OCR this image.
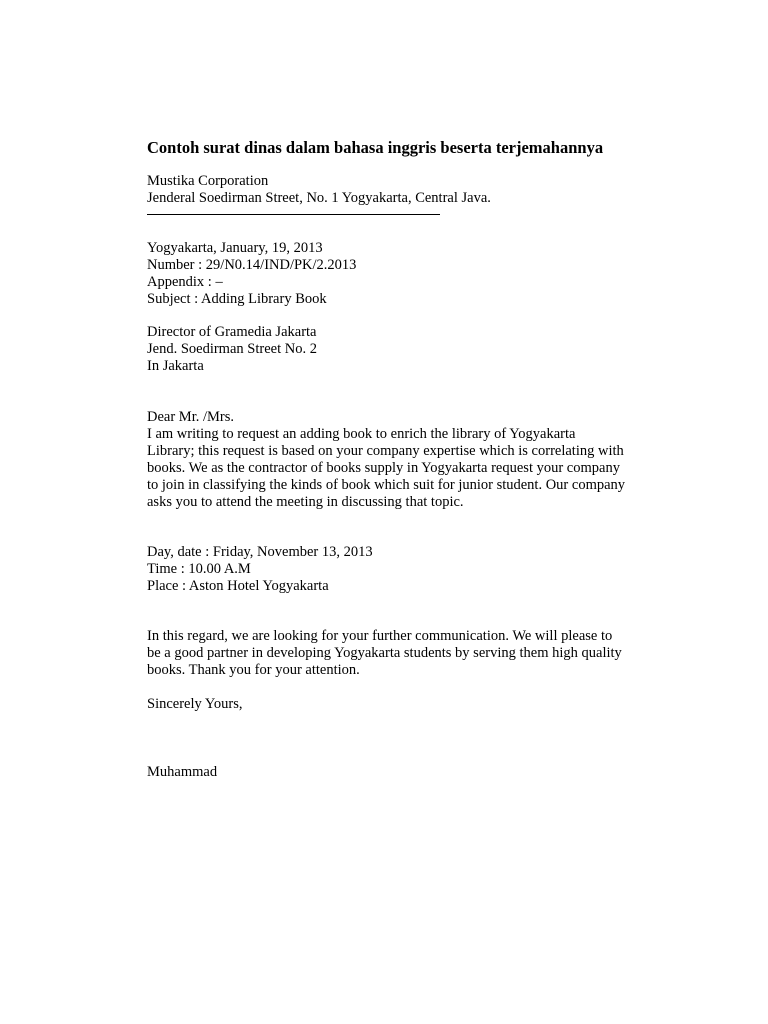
Contoh surat dinas dalam bahasa inggris beserta terjemahannya
Mustika Corporation
Jenderal Soedirman Street, No. 1 Yogyakarta, Central Java.
Yogyakarta, January, 19, 2013
Number : 29/N0.14/IND/PK/2.2013
Appendix : –
Subject : Adding Library Book
Director of Gramedia Jakarta
Jend. Soedirman Street No. 2
In Jakarta
Dear Mr. /Mrs.
I am writing to request an adding book to enrich the library of Yogyakarta
Library; this request is based on your company expertise which is correlating with
books. We as the contractor of books supply in Yogyakarta request your company
to join in classifying the kinds of book which suit for junior student. Our company
asks you to attend the meeting in discussing that topic.
Day, date : Friday, November 13, 2013
Time : 10.00 A.M
Place : Aston Hotel Yogyakarta
In this regard, we are looking for your further communication. We will please to
be a good partner in developing Yogyakarta students by serving them high quality
books. Thank you for your attention.
Sincerely Yours,
Muhammad
